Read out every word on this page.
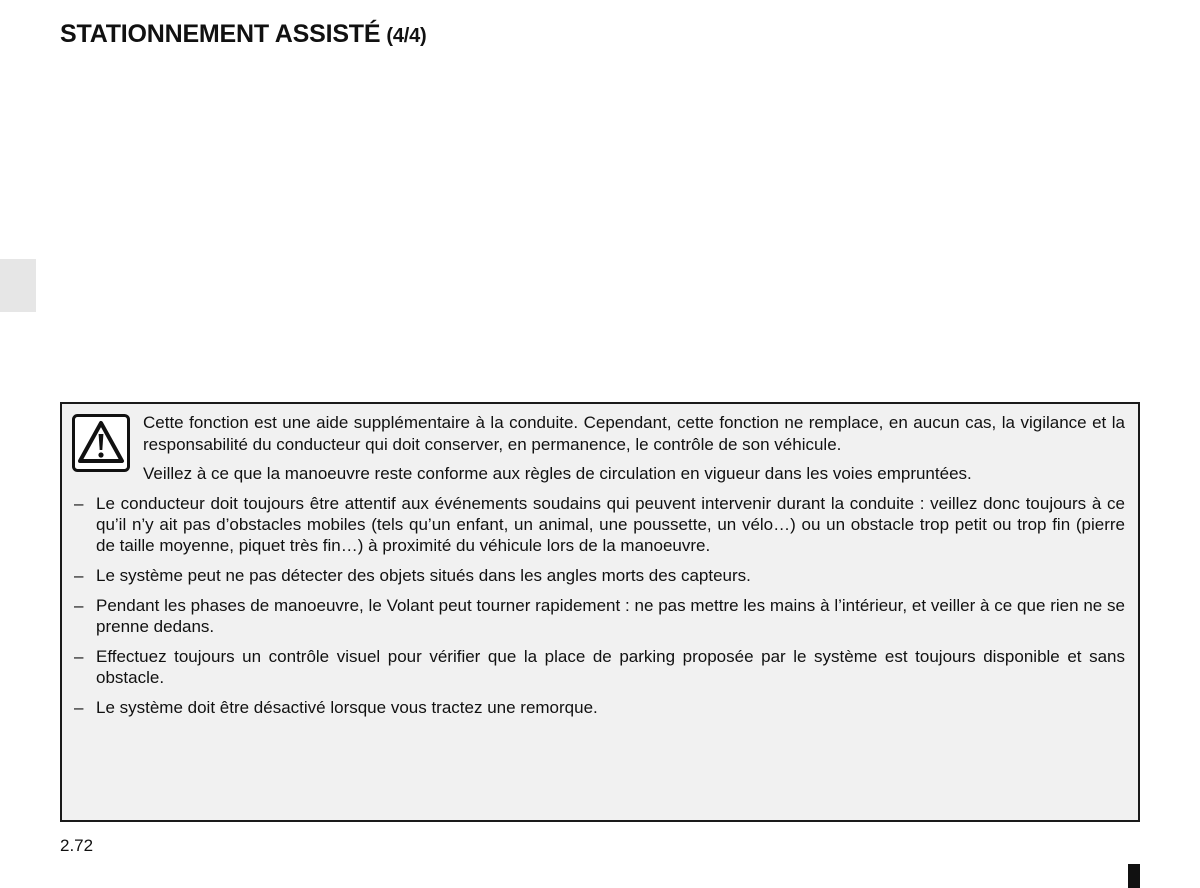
STATIONNEMENT ASSISTÉ (4/4)

Cette fonction est une aide supplémentaire à la conduite. Cependant, cette fonction ne remplace, en aucun cas, la vigilance et la responsabilité du conducteur qui doit conserver, en permanence, le contrôle de son véhicule.

Veillez à ce que la manoeuvre reste conforme aux règles de circulation en vigueur dans les voies empruntées.

– Le conducteur doit toujours être attentif aux événements soudains qui peuvent intervenir durant la conduite : veillez donc toujours à ce qu’il n’y ait pas d’obstacles mobiles (tels qu’un enfant, un animal, une poussette, un vélo…) ou un obstacle trop petit ou trop fin (pierre de taille moyenne, piquet très fin…) à proximité du véhicule lors de la manoeuvre.
– Le système peut ne pas détecter des objets situés dans les angles morts des capteurs.
– Pendant les phases de manoeuvre, le Volant peut tourner rapidement : ne pas mettre les mains à l’intérieur, et veiller à ce que rien ne se prenne dedans.
– Effectuez toujours un contrôle visuel pour vérifier que la place de parking proposée par le système est toujours disponible et sans obstacle.
– Le système doit être désactivé lorsque vous tractez une remorque.
2.72
